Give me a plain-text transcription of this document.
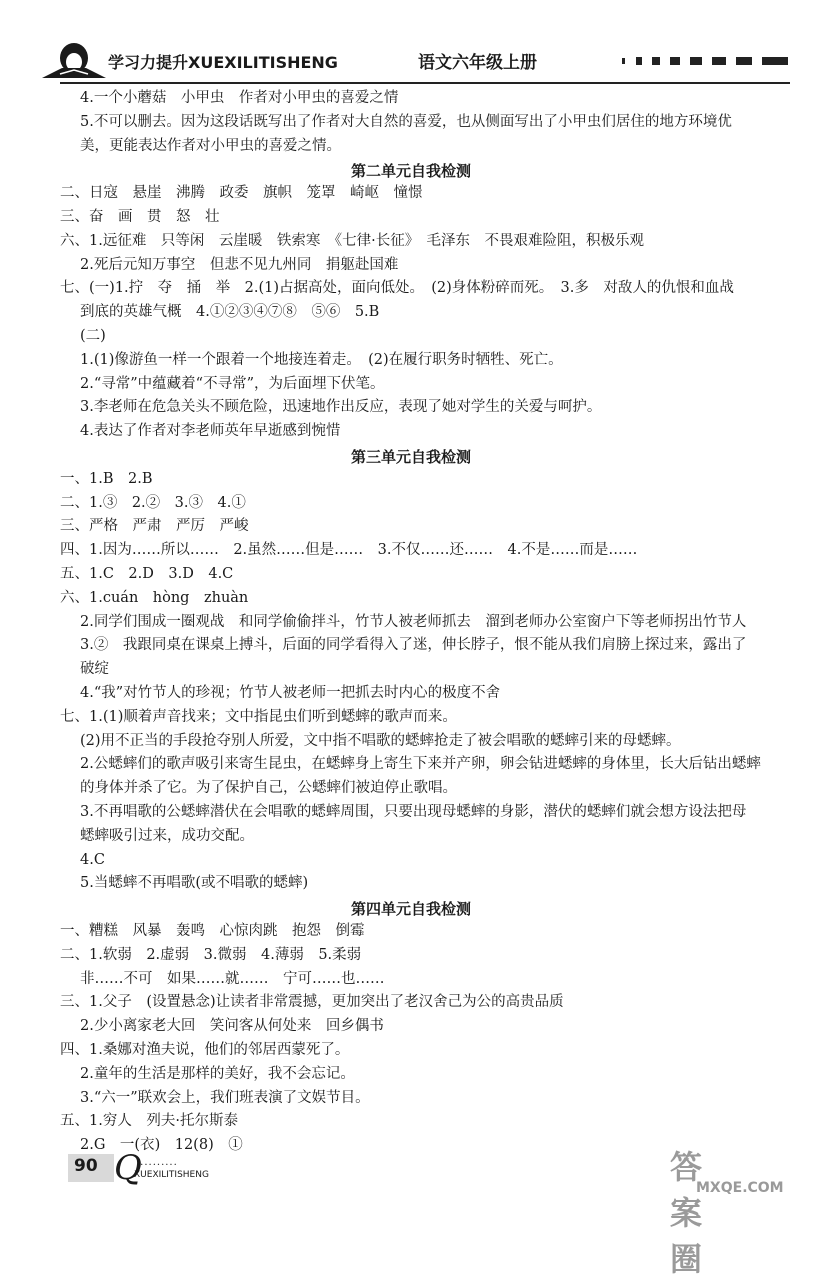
学习力提升XUEXILITISHENG	语文六年级上册
4.一个小蘑菇　小甲虫　作者对小甲虫的喜爱之情
5.不可以删去。因为这段话既写出了作者对大自然的喜爱，也从侧面写出了小甲虫们居住的地方环境优
美，更能表达作者对小甲虫的喜爱之情。
第二单元自我检测
二、日寇　悬崖　沸腾　政委　旗帜　笼罩　崎岖　憧憬
三、奋　画　贯　怒　壮
六、1.远征难　只等闲　云崖暖　铁索寒　《七律·长征》　毛泽东　不畏艰难险阻，积极乐观
2.死后元知万事空　但悲不见九州同　捐躯赴国难
七、(一)1.拧　夺　捅　举　2.(1)占据高处，面向低处。　(2)身体粉碎而死。　3.多　对敌人的仇恨和血战
到底的英雄气概　4.①②③④⑦⑧　⑤⑥　5.B
(二)
1.(1)像游鱼一样一个跟着一个地接连着走。　(2)在履行职务时牺牲、死亡。
2.“寻常”中蕴藏着“不寻常”，为后面埋下伏笔。
3.李老师在危急关头不顾危险，迅速地作出反应，表现了她对学生的关爱与呵护。
4.表达了作者对李老师英年早逝感到惋惜
第三单元自我检测
一、1.B　2.B
二、1.③　2.②　3.③　4.①
三、严格　严肃　严厉　严峻
四、1.因为……所以……　2.虽然……但是……　3.不仅……还……　4.不是……而是……
五、1.C　2.D　3.D　4.C
六、1.cuán　hòng　zhuàn
2.同学们围成一圈观战　和同学偷偷拌斗，竹节人被老师抓去　溜到老师办公室窗户下等老师拐出竹节人
3.②　我跟同桌在课桌上搏斗，后面的同学看得入了迷，伸长脖子，恨不能从我们肩膀上探过来，露出了
破绽
4.“我”对竹节人的珍视；竹节人被老师一把抓去时内心的极度不舍
七、1.(1)顺着声音找来；文中指昆虫们听到蟋蟀的歌声而来。
(2)用不正当的手段抢夺别人所爱，文中指不唱歌的蟋蟀抢走了被会唱歌的蟋蟀引来的母蟋蟀。
2.公蟋蟀们的歌声吸引来寄生昆虫，在蟋蟀身上寄生下来并产卵，卵会钻进蟋蟀的身体里，长大后钻出蟋蟀
的身体并杀了它。为了保护自己，公蟋蟀们被迫停止歌唱。
3.不再唱歌的公蟋蟀潜伏在会唱歌的蟋蟀周围，只要出现母蟋蟀的身影，潜伏的蟋蟀们就会想方设法把母
蟋蟀吸引过来，成功交配。
4.C
5.当蟋蟀不再唱歌(或不唱歌的蟋蟀)
第四单元自我检测
一、糟糕　风暴　轰鸣　心惊肉跳　抱怨　倒霉
二、1.软弱　2.虚弱　3.微弱　4.薄弱　5.柔弱
非……不可　如果……就……　宁可……也……
三、1.父子　(设置悬念)让读者非常震撼，更加突出了老汉舍己为公的高贵品质
2.少小离家老大回　笑问客从何处来　回乡偶书
四、1.桑娜对渔夫说，他们的邻居西蒙死了。
2.童年的生活是那样的美好，我不会忘记。
3.“六一”联欢会上，我们班表演了文娱节目。
五、1.穷人　列夫·托尔斯泰
2.G　一(衣)　12(8)　①
90 Q
..........
XUEXILITISHENG	答案圈
MXQE.COM
